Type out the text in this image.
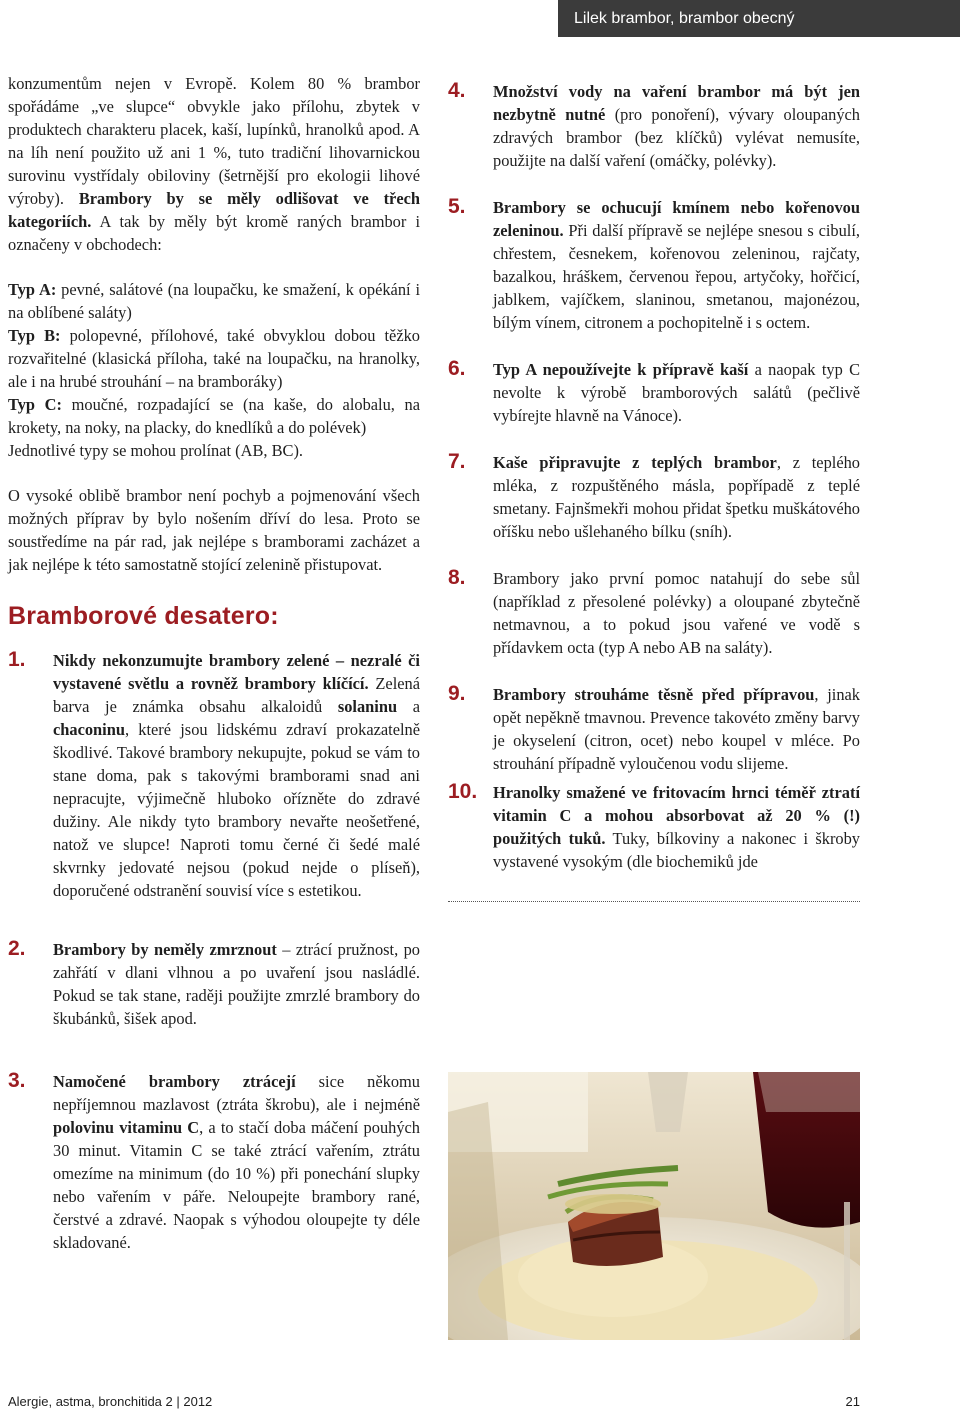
Lilek brambor, brambor obecný

konzumentům nejen v Evropě. Kolem 80 % brambor spořádáme „ve slupce“ obvykle jako přílohu, zbytek v produktech charakteru placek, kaší, lupínků, hranolků apod. A na líh není použito už ani 1 %, tuto tradiční lihovarnickou surovinu vystřídaly obiloviny (šetrnější pro ekologii lihové výroby). Brambory by se měly odlišovat ve třech kategoriích. A tak by měly být kromě raných brambor i označeny v obchodech:

Typ A: pevné, salátové (na loupačku, ke smažení, k opékání i na oblíbené saláty)
Typ B: polopevné, přílohové, také obvyklou dobou těžko rozvařitelné (klasická příloha, také na loupačku, na hranolky, ale i na hrubé strouhání – na bramboráky)
Typ C: moučné, rozpadající se (na kaše, do alobalu, na krokety, na noky, na placky, do knedlíků a do polévek)
Jednotlivé typy se mohou prolínat (AB, BC).

O vysoké oblibě brambor není pochyb a pojmenování všech možných příprav by bylo nošením dříví do lesa. Proto se soustředíme na pár rad, jak nejlépe s bramborami zacházet a jak nejlépe k této samostatně stojící zelenině přistupovat.

Bramborové desatero:
1. Nikdy nekonzumujte brambory zelené – nezralé či vystavené světlu a rovněž brambory klíčící. Zelená barva je známka obsahu alkaloidů solaninu a chaconinu, které jsou lidskému zdraví prokazatelně škodlivé. Takové brambory nekupujte, pokud se vám to stane doma, pak s takovými bramborami snad ani nepracujte, výjimečně hluboko ořízněte do zdravé dužiny. Ale nikdy tyto brambory nevařte neošetřené, natož ve slupce! Naproti tomu černé či šedé malé skvrnky jedovaté nejsou (pokud nejde o plíseň), doporučené odstranění souvisí více s estetikou.

2. Brambory by neměly zmrznout – ztrácí pružnost, po zahřátí v dlani vlhnou a po uvaření jsou nasládlé. Pokud se tak stane, raději použijte zmrzlé brambory do škubánků, šišek apod.

3. Namočené brambory ztrácejí sice někomu nepříjemnou mazlavost (ztráta škrobu), ale i nejméně polovinu vitaminu C, a to stačí doba máčení pouhých 30 minut. Vitamin C se také ztrácí vařením, ztrátu omezíme na minimum (do 10 %) při ponechání slupky nebo vařením v páře. Neloupejte brambory rané, čerstvé a zdravé. Naopak s výhodou oloupejte ty déle skladované.

4. Množství vody na vaření brambor má být jen nezbytně nutné (pro ponoření), vývary oloupaných zdravých brambor (bez klíčků) vylévat nemusíte, použijte na další vaření (omáčky, polévky).

5. Brambory se ochucují kmínem nebo kořenovou zeleninou. Při další přípravě se nejlépe snesou s cibulí, chřestem, česnekem, kořenovou zeleninou, rajčaty, bazalkou, hráškem, červenou řepou, artyčoky, hořčicí, jablkem, vajíčkem, slaninou, smetanou, majonézou, bílým vínem, citronem a pochopitelně i s octem.

6. Typ A nepoužívejte k přípravě kaší a naopak typ C nevolte k výrobě bramborových salátů (pečlivě vybírejte hlavně na Vánoce).

7. Kaše připravujte z teplých brambor, z teplého mléka, z rozpuštěného másla, popřípadě z teplé smetany. Fajnšmekři mohou přidat špetku muškátového oříšku nebo ušlehaného bílku (sníh).

8. Brambory jako první pomoc natahují do sebe sůl (například z přesolené polévky) a oloupané zbytečně netmavnou, a to pokud jsou vařené ve vodě s přídavkem octa (typ A nebo AB na saláty).

9. Brambory strouháme těsně před přípravou, jinak opět nepěkně tmavnou. Prevence takovéto změny barvy je okyselení (citron, ocet) nebo koupel v mléce. Po strouhání případně vyloučenou vodu slijeme.

10. Hranolky smažené ve fritovacím hrnci téměř ztratí vitamin C a mohou absorbovat až 20 % (!) použitých tuků. Tuky, bílkoviny a nakonec i škroby vystavené vysokým (dle biochemiků jde

Alergie, astma, bronchitida 2 | 2012	21
